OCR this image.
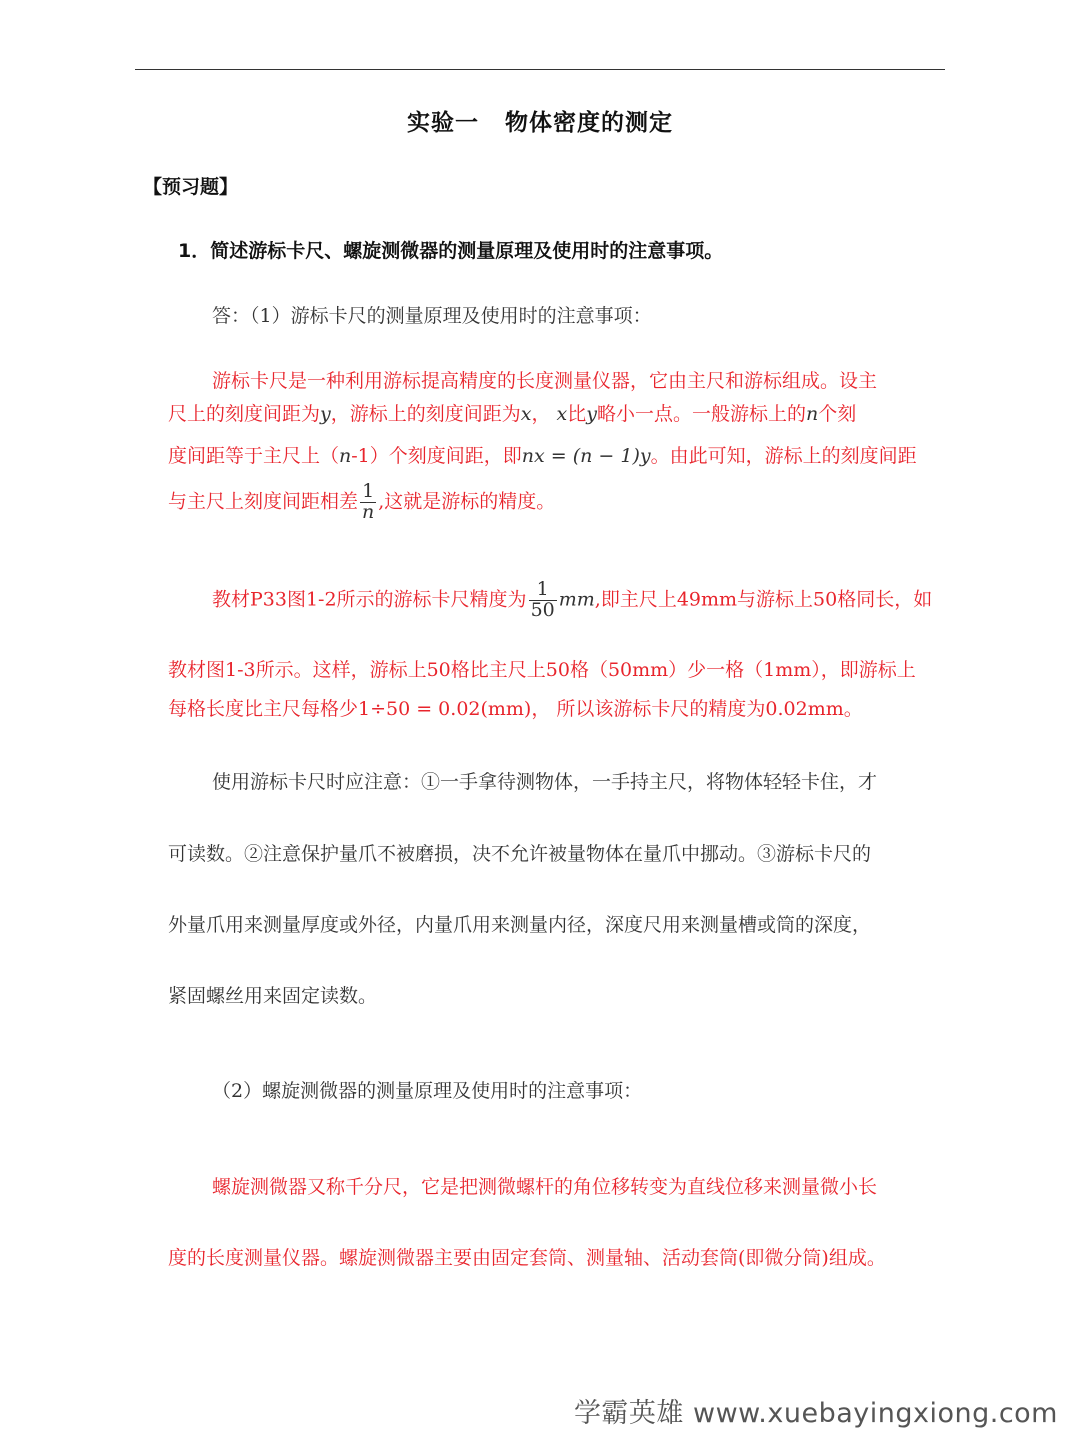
实验一 物体密度的测定
【预习题】
1．简述游标卡尺、螺旋测微器的测量原理及使用时的注意事项。
答：（1）游标卡尺的测量原理及使用时的注意事项：
游标卡尺是一种利用游标提高精度的长度测量仪器，它由主尺和游标组成。设主
尺上的刻度间距为y，游标上的刻度间距为x， x比y略小一点。一般游标上的n个刻
度间距等于主尺上（n-1）个刻度间距，即nx = (n − 1)y。由此可知，游标上的刻度间距
与主尺上刻度间距相差 $\frac{1}{n}$ ,这就是游标的精度。
教材P33图1-2所示的游标卡尺精度为 $\frac{1}{50}$ mm,即主尺上49mm与游标上50格同长，如
教材图1-3所示。这样，游标上50格比主尺上50格（50mm）少一格（1mm），即游标上
每格长度比主尺每格少1÷50 = 0.02(mm)， 所以该游标卡尺的精度为0.02mm。
使用游标卡尺时应注意：①一手拿待测物体，一手持主尺，将物体轻轻卡住，才
可读数。②注意保护量爪不被磨损，决不允许被量物体在量爪中挪动。③游标卡尺的
外量爪用来测量厚度或外径，内量爪用来测量内径，深度尺用来测量槽或筒的深度，
紧固螺丝用来固定读数。
（2）螺旋测微器的测量原理及使用时的注意事项：
螺旋测微器又称千分尺，它是把测微螺杆的角位移转变为直线位移来测量微小长
度的长度测量仪器。螺旋测微器主要由固定套筒、测量轴、活动套筒(即微分筒)组成。
学霸英雄 www.xuebayingxiong.com
